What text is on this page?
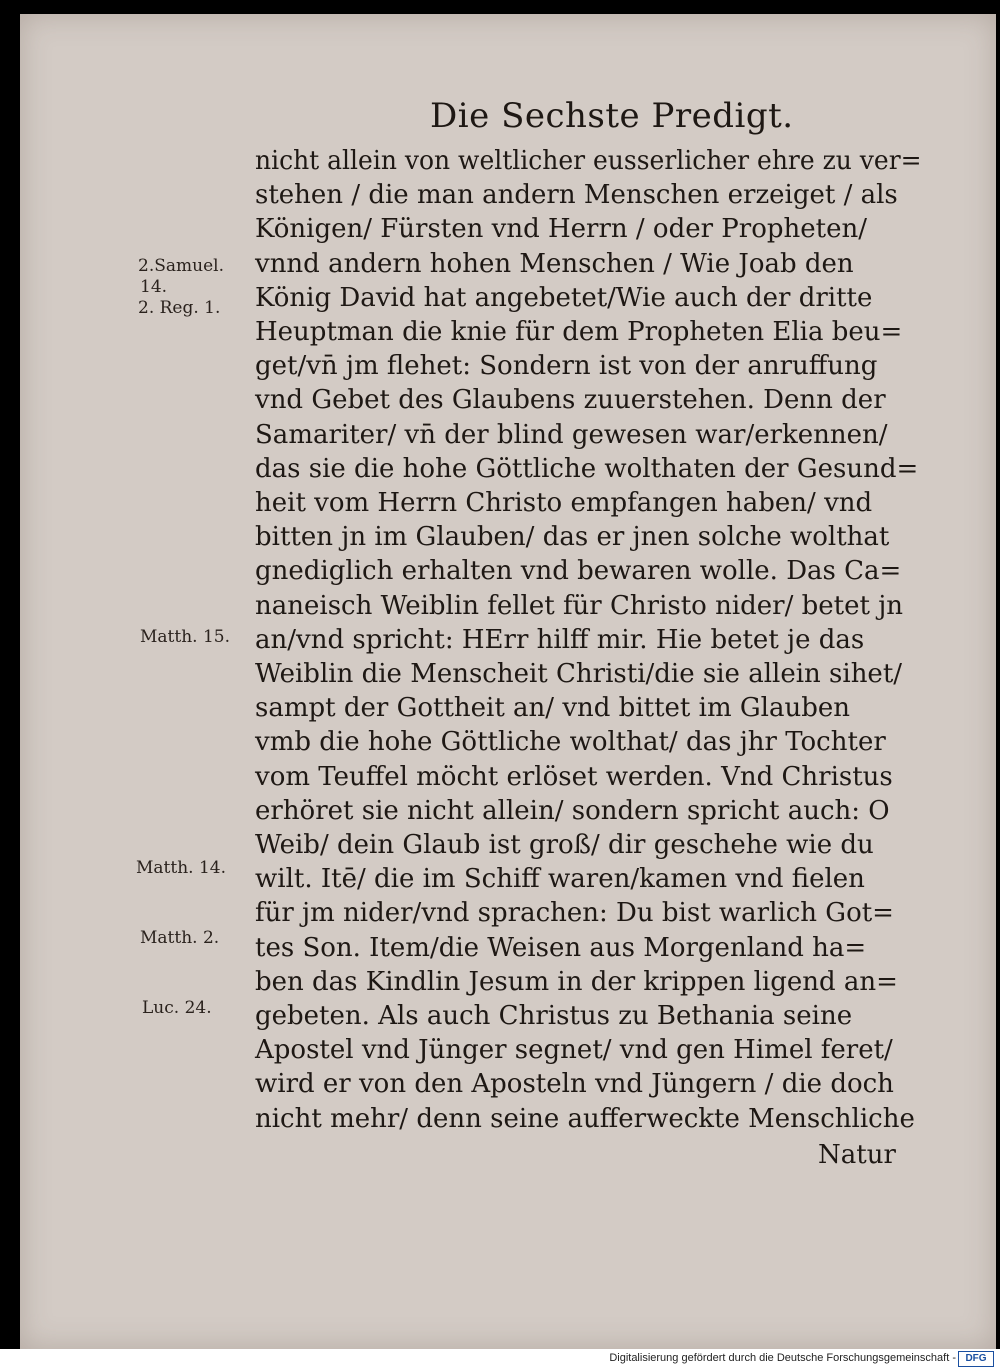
Die Sechste Predigt.
nicht allein von weltlicher eusserlicher ehre zu ver=
stehen / die man andern Menschen erzeiget / als
Königen/ Fürsten vnd Herrn / oder Propheten/
vnnd andern hohen Menschen / Wie Joab den
König David hat angebetet/Wie auch der dritte
Heuptman die knie für dem Propheten Elia beu=
get/vn̄ jm flehet: Sondern ist von der anruffung
vnd Gebet des Glaubens zuuerstehen. Denn der
Samariter/ vn̄ der blind gewesen war/erkennen/
das sie die hohe Göttliche wolthaten der Gesund=
heit vom Herrn Christo empfangen haben/ vnd
bitten jn im Glauben/ das er jnen solche wolthat
gnediglich erhalten vnd bewaren wolle. Das Ca=
naneisch Weiblin fellet für Christo nider/ betet jn
an/vnd spricht: HErr hilff mir. Hie betet je das
Weiblin die Menscheit Christi/die sie allein sihet/
sampt der Gottheit an/ vnd bittet im Glauben
vmb die hohe Göttliche wolthat/ das jhr Tochter
vom Teuffel möcht erlöset werden. Vnd Christus
erhöret sie nicht allein/ sondern spricht auch: O
Weib/ dein Glaub ist groß/ dir geschehe wie du
wilt. Itē/ die im Schiff waren/kamen vnd fielen
für jm nider/vnd sprachen: Du bist warlich Got=
tes Son. Item/die Weisen aus Morgenland ha=
ben das Kindlin Jesum in der krippen ligend an=
gebeten. Als auch Christus zu Bethania seine
Apostel vnd Jünger segnet/ vnd gen Himel feret/
wird er von den Aposteln vnd Jüngern / die doch
nicht mehr/ denn seine aufferweckte Menschliche
2.Samuel.
14.
2. Reg. 1.
Matth. 15.
Matth. 14.
Matth. 2.
Luc. 24.
Natur
Digitalisierung gefördert durch die Deutsche Forschungsgemeinschaft - DFG
